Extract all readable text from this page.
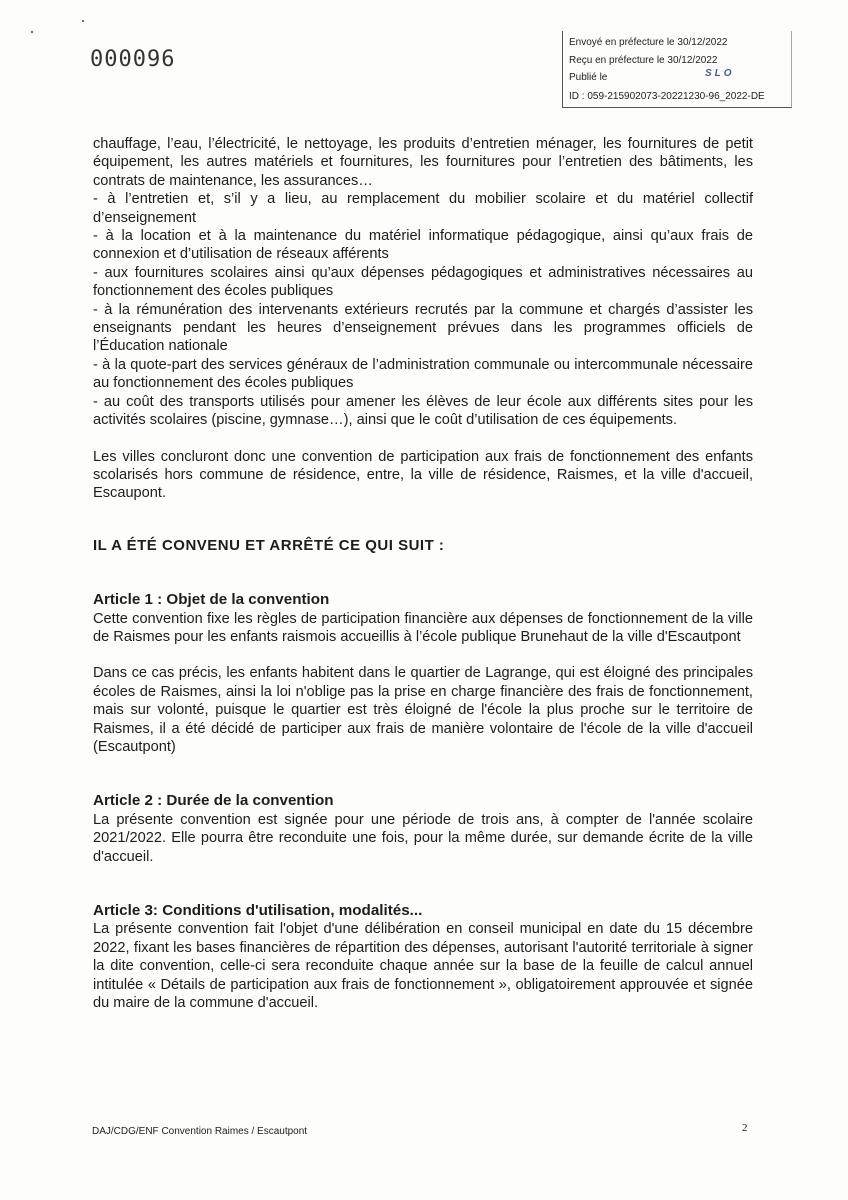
000096
Envoyé en préfecture le 30/12/2022
Reçu en préfecture le 30/12/2022
Publié le	SLO
ID : 059-215902073-20221230-96_2022-DE

chauffage, l’eau, l’électricité, le nettoyage, les produits d’entretien ménager, les fournitures de petit équipement, les autres matériels et fournitures, les fournitures pour l’entretien des bâtiments, les contrats de maintenance, les assurances…

- à l’entretien et, s’il y a lieu, au remplacement du mobilier scolaire et du matériel collectif d’enseignement

- à la location et à la maintenance du matériel informatique pédagogique, ainsi qu’aux frais de connexion et d’utilisation de réseaux afférents

- aux fournitures scolaires ainsi qu’aux dépenses pédagogiques et administratives nécessaires au fonctionnement des écoles publiques

- à la rémunération des intervenants extérieurs recrutés par la commune et chargés d’assister les enseignants pendant les heures d’enseignement prévues dans les programmes officiels de l’Éducation nationale

- à la quote-part des services généraux de l’administration communale ou intercommunale nécessaire au fonctionnement des écoles publiques

- au coût des transports utilisés pour amener les élèves de leur école aux différents sites pour les activités scolaires (piscine, gymnase…), ainsi que le coût d’utilisation de ces équipements.

Les villes concluront donc une convention de participation aux frais de fonctionnement des enfants scolarisés hors commune de résidence, entre, la ville de résidence, Raismes, et la ville d'accueil, Escaupont.

IL A ÉTÉ CONVENU ET ARRÊTÉ CE QUI SUIT :

Article 1 : Objet de la convention

Cette convention fixe les règles de participation financière aux dépenses de fonctionnement de la ville de Raismes pour les enfants raismois accueillis à l’école publique Brunehaut de la ville d'Escautpont

Dans ce cas précis, les enfants habitent dans le quartier de Lagrange, qui est éloigné des principales écoles de Raismes, ainsi la loi n'oblige pas la prise en charge financière des frais de fonctionnement, mais sur volonté, puisque le quartier est très éloigné de l'école la plus proche sur le territoire de Raismes, il a été décidé de participer aux frais de manière volontaire de l'école de la ville d'accueil (Escautpont)

Article 2 : Durée de la convention

La présente convention est signée pour une période de trois ans, à compter de l'année scolaire 2021/2022. Elle pourra être reconduite une fois, pour la même durée, sur demande écrite de la ville d'accueil.

Article 3: Conditions d'utilisation, modalités...

La présente convention fait l'objet d'une délibération en conseil municipal en date du 15 décembre 2022, fixant les bases financières de répartition des dépenses, autorisant l'autorité territoriale à signer la dite convention, celle-ci sera reconduite chaque année sur la base de la feuille de calcul annuel intitulée « Détails de participation aux frais de fonctionnement », obligatoirement approuvée et signée du maire de la commune d'accueil.

DAJ/CDG/ENF Convention Raimes / Escautpont	2
